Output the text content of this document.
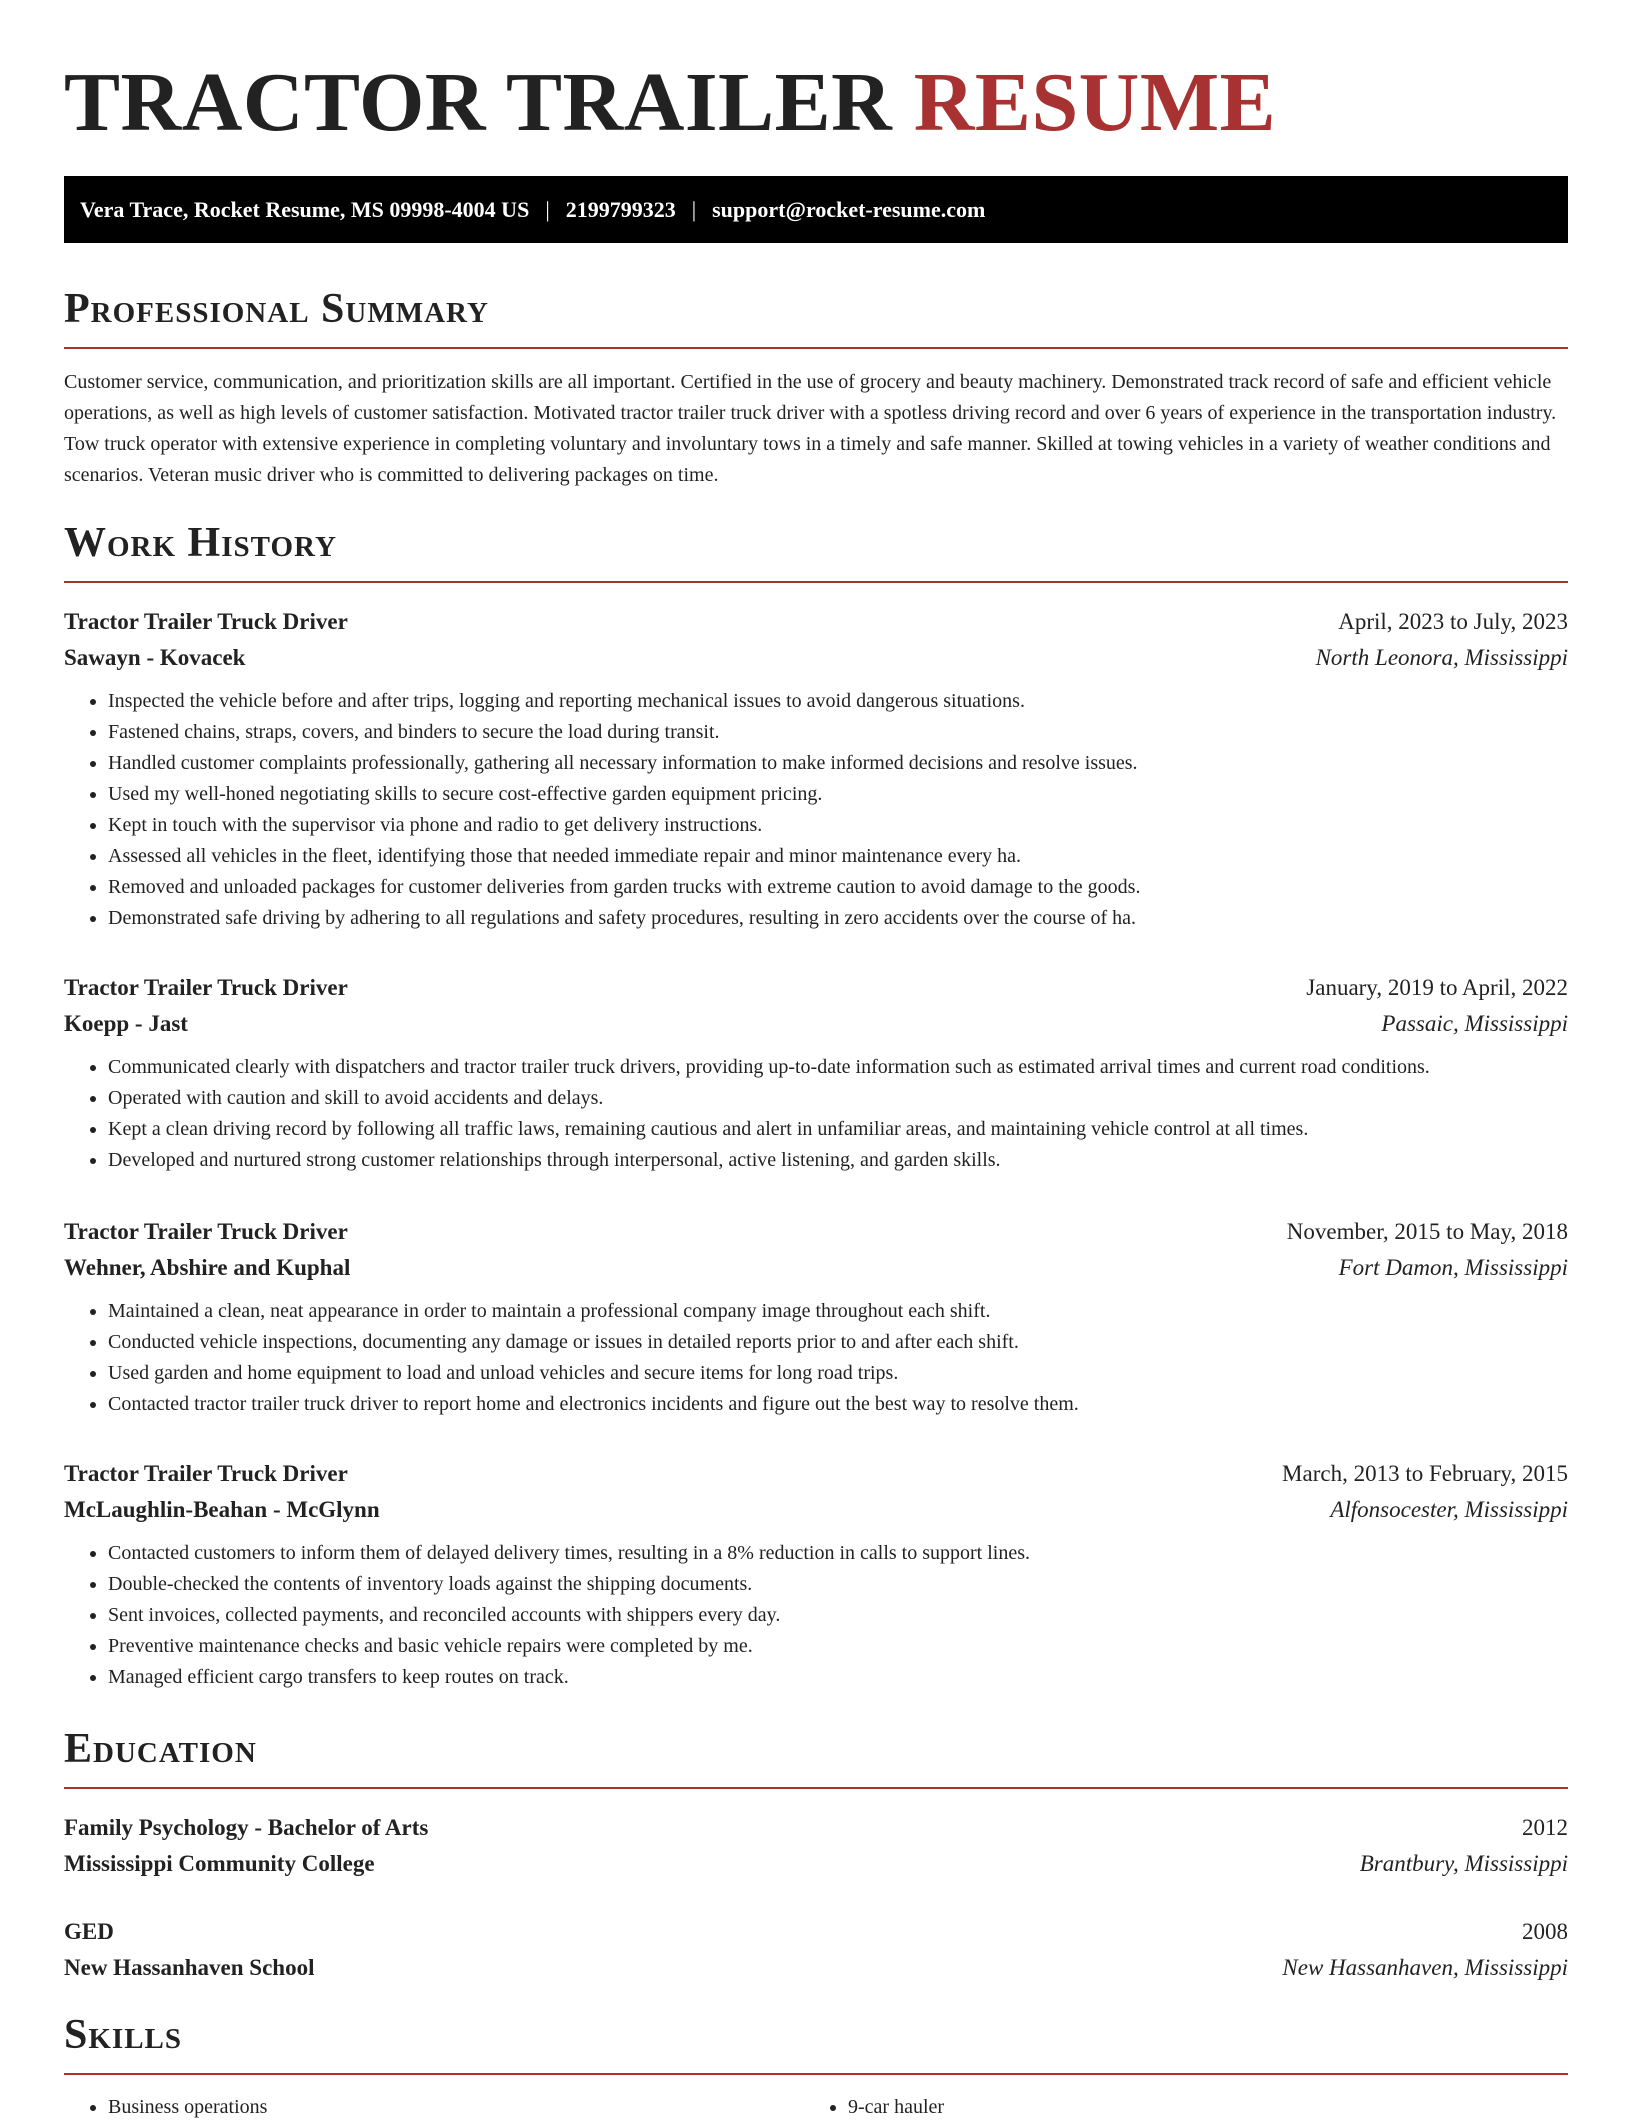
TRACTOR TRAILER RESUME
Vera Trace, Rocket Resume, MS 09998-4004 US | 2199799323 | support@rocket-resume.com
Professional Summary

Customer service, communication, and prioritization skills are all important. Certified in the use of grocery and beauty machinery. Demonstrated track record of safe and efficient vehicle operations, as well as high levels of customer satisfaction. Motivated tractor trailer truck driver with a spotless driving record and over 6 years of experience in the transportation industry. Tow truck operator with extensive experience in completing voluntary and involuntary tows in a timely and safe manner. Skilled at towing vehicles in a variety of weather conditions and scenarios. Veteran music driver who is committed to delivering packages on time.

Work History
Tractor Trailer Truck Driver	April, 2023 to July, 2023
Sawayn - Kovacek	North Leonora, Mississippi
• Inspected the vehicle before and after trips, logging and reporting mechanical issues to avoid dangerous situations.
• Fastened chains, straps, covers, and binders to secure the load during transit.
• Handled customer complaints professionally, gathering all necessary information to make informed decisions and resolve issues.
• Used my well-honed negotiating skills to secure cost-effective garden equipment pricing.
• Kept in touch with the supervisor via phone and radio to get delivery instructions.
• Assessed all vehicles in the fleet, identifying those that needed immediate repair and minor maintenance every ha.
• Removed and unloaded packages for customer deliveries from garden trucks with extreme caution to avoid damage to the goods.
• Demonstrated safe driving by adhering to all regulations and safety procedures, resulting in zero accidents over the course of ha.
Tractor Trailer Truck Driver	January, 2019 to April, 2022
Koepp - Jast	Passaic, Mississippi
• Communicated clearly with dispatchers and tractor trailer truck drivers, providing up-to-date information such as estimated arrival times and current road conditions.
• Operated with caution and skill to avoid accidents and delays.
• Kept a clean driving record by following all traffic laws, remaining cautious and alert in unfamiliar areas, and maintaining vehicle control at all times.
• Developed and nurtured strong customer relationships through interpersonal, active listening, and garden skills.
Tractor Trailer Truck Driver	November, 2015 to May, 2018
Wehner, Abshire and Kuphal	Fort Damon, Mississippi
• Maintained a clean, neat appearance in order to maintain a professional company image throughout each shift.
• Conducted vehicle inspections, documenting any damage or issues in detailed reports prior to and after each shift.
• Used garden and home equipment to load and unload vehicles and secure items for long road trips.
• Contacted tractor trailer truck driver to report home and electronics incidents and figure out the best way to resolve them.
Tractor Trailer Truck Driver	March, 2013 to February, 2015
McLaughlin-Beahan - McGlynn	Alfonsocester, Mississippi
• Contacted customers to inform them of delayed delivery times, resulting in a 8% reduction in calls to support lines.
• Double-checked the contents of inventory loads against the shipping documents.
• Sent invoices, collected payments, and reconciled accounts with shippers every day.
• Preventive maintenance checks and basic vehicle repairs were completed by me.
• Managed efficient cargo transfers to keep routes on track.
Education
Family Psychology - Bachelor of Arts	2012
Mississippi Community College	Brantbury, Mississippi
GED	2008
New Hassanhaven School	New Hassanhaven, Mississippi
Skills
• Business operations
•	9-car hauler
